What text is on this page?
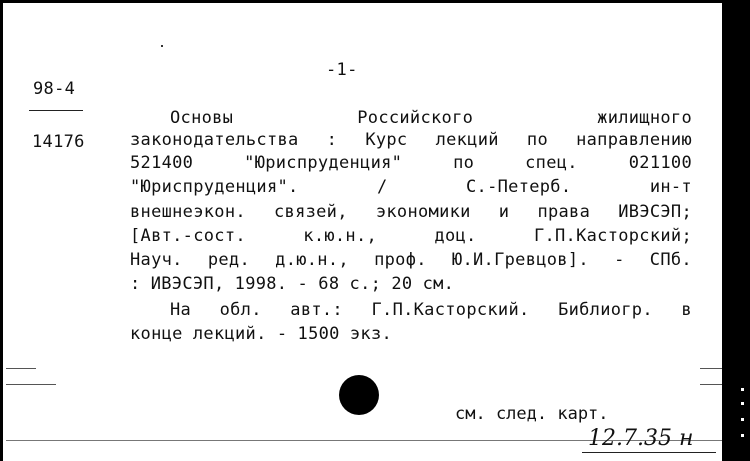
-1-
98-4
14176
Основы	Российского	жилищного
законодательства : Курс лекций по направлению
521400	"Юриспруденция"	по	спец.	021100
"Юриспруденция".	/	С.-Петерб.	ин-т
внешнеэкон. связей, экономики и права ИВЭСЭП;
[Авт.-сост.	к.ю.н.,	доц.	Г.П.Касторский;
Науч. ред. д.ю.н., проф. Ю.И.Гревцов]. - СПб.
: ИВЭСЭП, 1998. - 68 с.; 20 см.
На обл. авт.: Г.П.Касторский. Библиогр. в
конце лекций. - 1500 экз.
см. след. карт.
12.7.35 н
